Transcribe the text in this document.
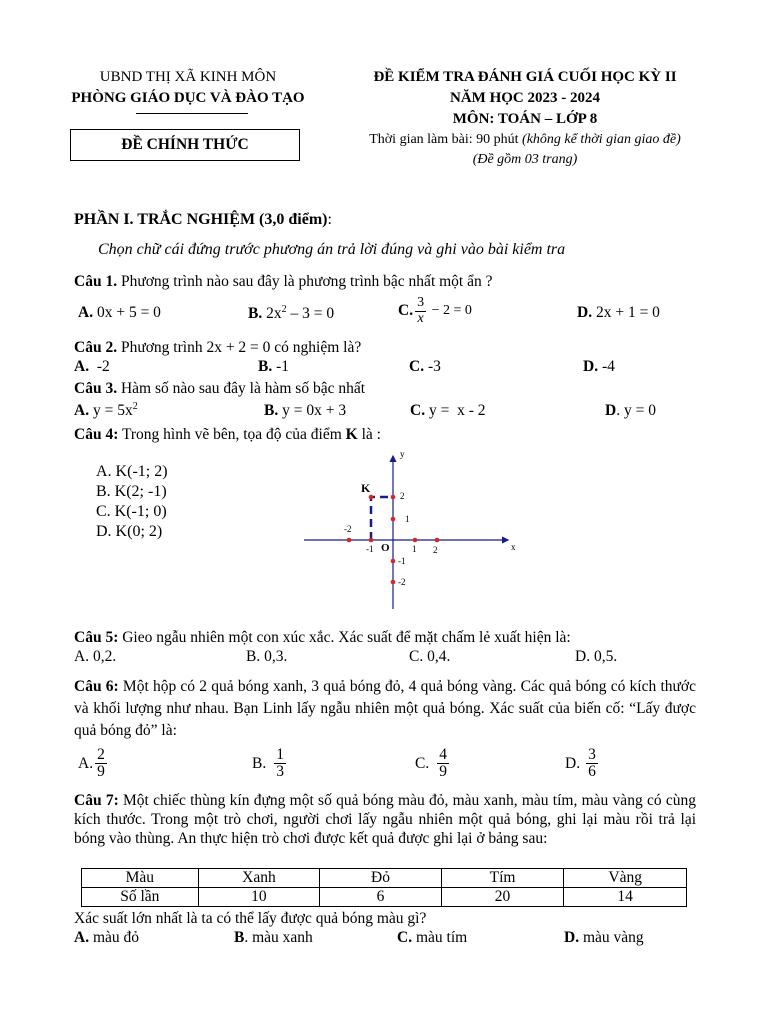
UBND THỊ XÃ KINH MÔN
PHÒNG GIÁO DỤC VÀ ĐÀO TẠO
ĐỀ CHÍNH THỨC
ĐỀ KIỂM TRA ĐÁNH GIÁ CUỐI HỌC KỲ II
NĂM HỌC 2023 - 2024
MÔN: TOÁN – LỚP 8
Thời gian làm bài: 90 phút (không kể thời gian giao đề)
(Đề gồm 03 trang)
PHẦN I. TRẮC NGHIỆM (3,0 điểm):
Chọn chữ cái đứng trước phương án trả lời đúng và ghi vào bài kiểm tra
Câu 1. Phương trình nào sau đây là phương trình bậc nhất một ẩn ?
A. 0x + 5 = 0	B. $2x^2 - 3 = 0$	C. $\frac{3}{x} - 2 = 0$	D. 2x + 1 = 0
Câu 2. Phương trình 2x + 2 = 0 có nghiệm là?
A.  -2	B. -1	C. -3	D. -4
Câu 3. Hàm số nào sau đây là hàm số bậc nhất
A. $y = 5x^2$	B. y = 0x + 3	C. y =  x - 2	D. y = 0
Câu 4: Trong hình vẽ bên, tọa độ của điểm K là :
A. K(-1; 2)
B. K(2; -1)
C. K(-1; 0)
D. K(0; 2)
y
x
O
K
-2
-1	1 2
2
1
-1
-2
Câu 5: Gieo ngẫu nhiên một con xúc xắc. Xác suất để mặt chấm lẻ xuất hiện là:
A. 0,2.	B. 0,3.	C. 0,4.	D. 0,5.
Câu 6: Một hộp có 2 quả bóng xanh, 3 quả bóng đỏ, 4 quả bóng vàng. Các quả bóng có kích thước và khối lượng như nhau. Bạn Linh lấy ngẫu nhiên một quả bóng. Xác suất của biến cố: “Lấy được quả bóng đỏ” là:
A. $\frac{2}{9}$	B. $\frac{1}{3}$	C. $\frac{4}{9}$	D. $\frac{3}{6}$
Câu 7: Một chiếc thùng kín đựng một số quả bóng màu đỏ, màu xanh, màu tím, màu vàng có cùng kích thước. Trong một trò chơi, người chơi lấy ngẫu nhiên một quả bóng, ghi lại màu rồi trả lại bóng vào thùng. An thực hiện trò chơi được kết quả được ghi lại ở bảng sau:
Màu	Xanh	Đỏ	Tím	Vàng
Số lần	10	6	20	14
Xác suất lớn nhất là ta có thể lấy được quả bóng màu gì?
A. màu đỏ	B. màu xanh	C. màu tím	D. màu vàng
